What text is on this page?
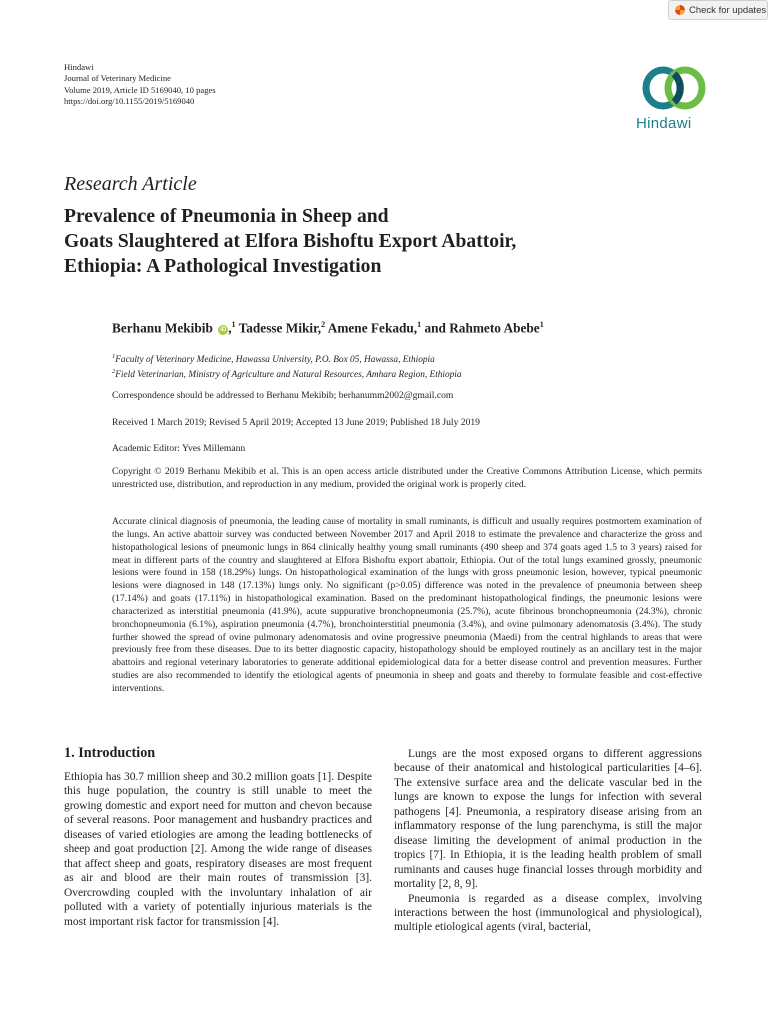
Check for updates
Hindawi
Journal of Veterinary Medicine
Volume 2019, Article ID 5169040, 10 pages
https://doi.org/10.1155/2019/5169040
Hindawi
Research Article
Prevalence of Pneumonia in Sheep and
Goats Slaughtered at Elfora Bishoftu Export Abattoir,
Ethiopia: A Pathological Investigation
Berhanu Mekibib iD ,$^1$ Tadesse Mikir,$^2$ Amene Fekadu,$^1$ and Rahmeto Abebe$^1$
$^1$Faculty of Veterinary Medicine, Hawassa University, P.O. Box 05, Hawassa, Ethiopia
$^2$Field Veterinarian, Ministry of Agriculture and Natural Resources, Amhara Region, Ethiopia
Correspondence should be addressed to Berhanu Mekibib; berhanumm2002@gmail.com
Received 1 March 2019; Revised 5 April 2019; Accepted 13 June 2019; Published 18 July 2019
Academic Editor: Yves Millemann
Copyright © 2019 Berhanu Mekibib et al. This is an open access article distributed under the Creative Commons Attribution License, which permits unrestricted use, distribution, and reproduction in any medium, provided the original work is properly cited.

Accurate clinical diagnosis of pneumonia, the leading cause of mortality in small ruminants, is difficult and usually requires postmortem examination of the lungs. An active abattoir survey was conducted between November 2017 and April 2018 to estimate the prevalence and characterize the gross and histopathological lesions of pneumonic lungs in 864 clinically healthy young small ruminants (490 sheep and 374 goats aged 1.5 to 3 years) raised for meat in different parts of the country and slaughtered at Elfora Bishoftu export abattoir, Ethiopia. Out of the total lungs examined grossly, pneumonic lesions were found in 158 (18.29%) lungs. On histopathological examination of the lungs with gross pneumonic lesion, however, typical pneumonic lesions were diagnosed in 148 (17.13%) lungs only. No significant (p>0.05) difference was noted in the prevalence of pneumonia between sheep (17.14%) and goats (17.11%) in histopathological examination. Based on the predominant histopathological findings, the pneumonic lesions were characterized as interstitial pneumonia (41.9%), acute suppurative bronchopneumonia (25.7%), acute fibrinous bronchopneumonia (24.3%), chronic bronchopneumonia (6.1%), aspiration pneumonia (4.7%), bronchointerstitial pneumonia (3.4%), and ovine pulmonary adenomatosis (3.4%). The study further showed the spread of ovine pulmonary adenomatosis and ovine progressive pneumonia (Maedi) from the central highlands to areas that were previously free from these diseases. Due to its better diagnostic capacity, histopathology should be employed routinely as an ancillary test in the major abattoirs and regional veterinary laboratories to generate additional epidemiological data for a better disease control and prevention measures. Further studies are also recommended to identify the etiological agents of pneumonia in sheep and goats and thereby to formulate feasible and cost-effective interventions.

1. Introduction

Ethiopia has 30.7 million sheep and 30.2 million goats [1]. Despite this huge population, the country is still unable to meet the growing domestic and export need for mutton and chevon because of several reasons. Poor management and husbandry practices and diseases of varied etiologies are among the leading bottlenecks of sheep and goat production [2]. Among the wide range of diseases that affect sheep and goats, respiratory diseases are most frequent as air and blood are their main routes of transmission [3]. Overcrowding coupled with the involuntary inhalation of air polluted with a variety of potentially injurious materials is the most important risk factor for transmission [4].

Lungs are the most exposed organs to different aggressions because of their anatomical and histological particularities [4–6]. The extensive surface area and the delicate vascular bed in the lungs are known to expose the lungs for infection with several pathogens [4]. Pneumonia, a respiratory disease arising from an inflammatory response of the lung parenchyma, is still the major disease limiting the development of animal production in the tropics [7]. In Ethiopia, it is the leading health problem of small ruminants and causes huge financial losses through morbidity and mortality [2, 8, 9].

Pneumonia is regarded as a disease complex, involving interactions between the host (immunological and physiological), multiple etiological agents (viral, bacterial,
